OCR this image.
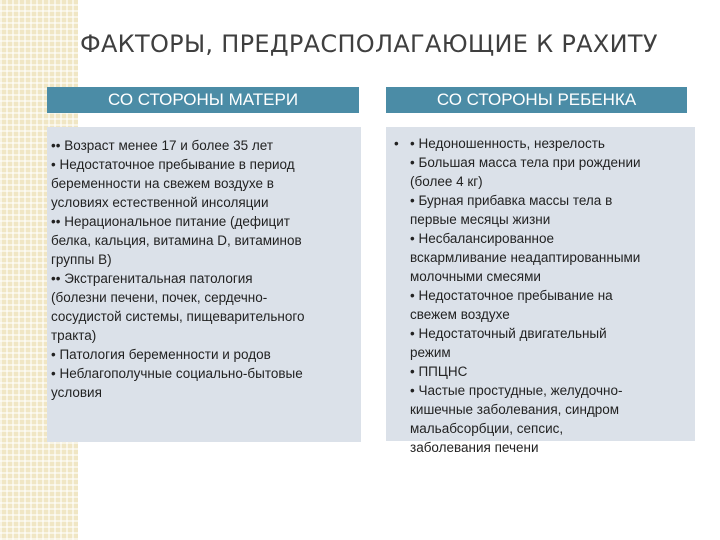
ФАКТОРЫ, ПРЕДРАСПОЛАГАЮЩИЕ К РАХИТУ
СО СТОРОНЫ МАТЕРИ	СО СТОРОНЫ РЕБЕНКА
•• Возраст менее 17 и более 35 лет
• Недостаточное пребывание в период
беременности на свежем воздухе в
условиях естественной инсоляции
•• Нерациональное питание (дефицит
белка, кальция, витамина D, витаминов
группы В)
•• Экстрагенитальная патология
(болезни печени, почек, сердечно-
сосудистой системы, пищеварительного
тракта)
• Патология беременности и родов
• Неблагополучные социально-бытовые
условия
• • Недоношенность, незрелость
• Большая масса тела при рождении
(более 4 кг)
• Бурная прибавка массы тела в
первые месяцы жизни
• Несбалансированное
вскармливание неадаптированными
молочными смесями
• Недостаточное пребывание на
свежем воздухе
• Недостаточный двигательный
режим
• ППЦНС
• Частые простудные, желудочно-
кишечные заболевания, синдром
мальабсорбции, сепсис,
заболевания печени
